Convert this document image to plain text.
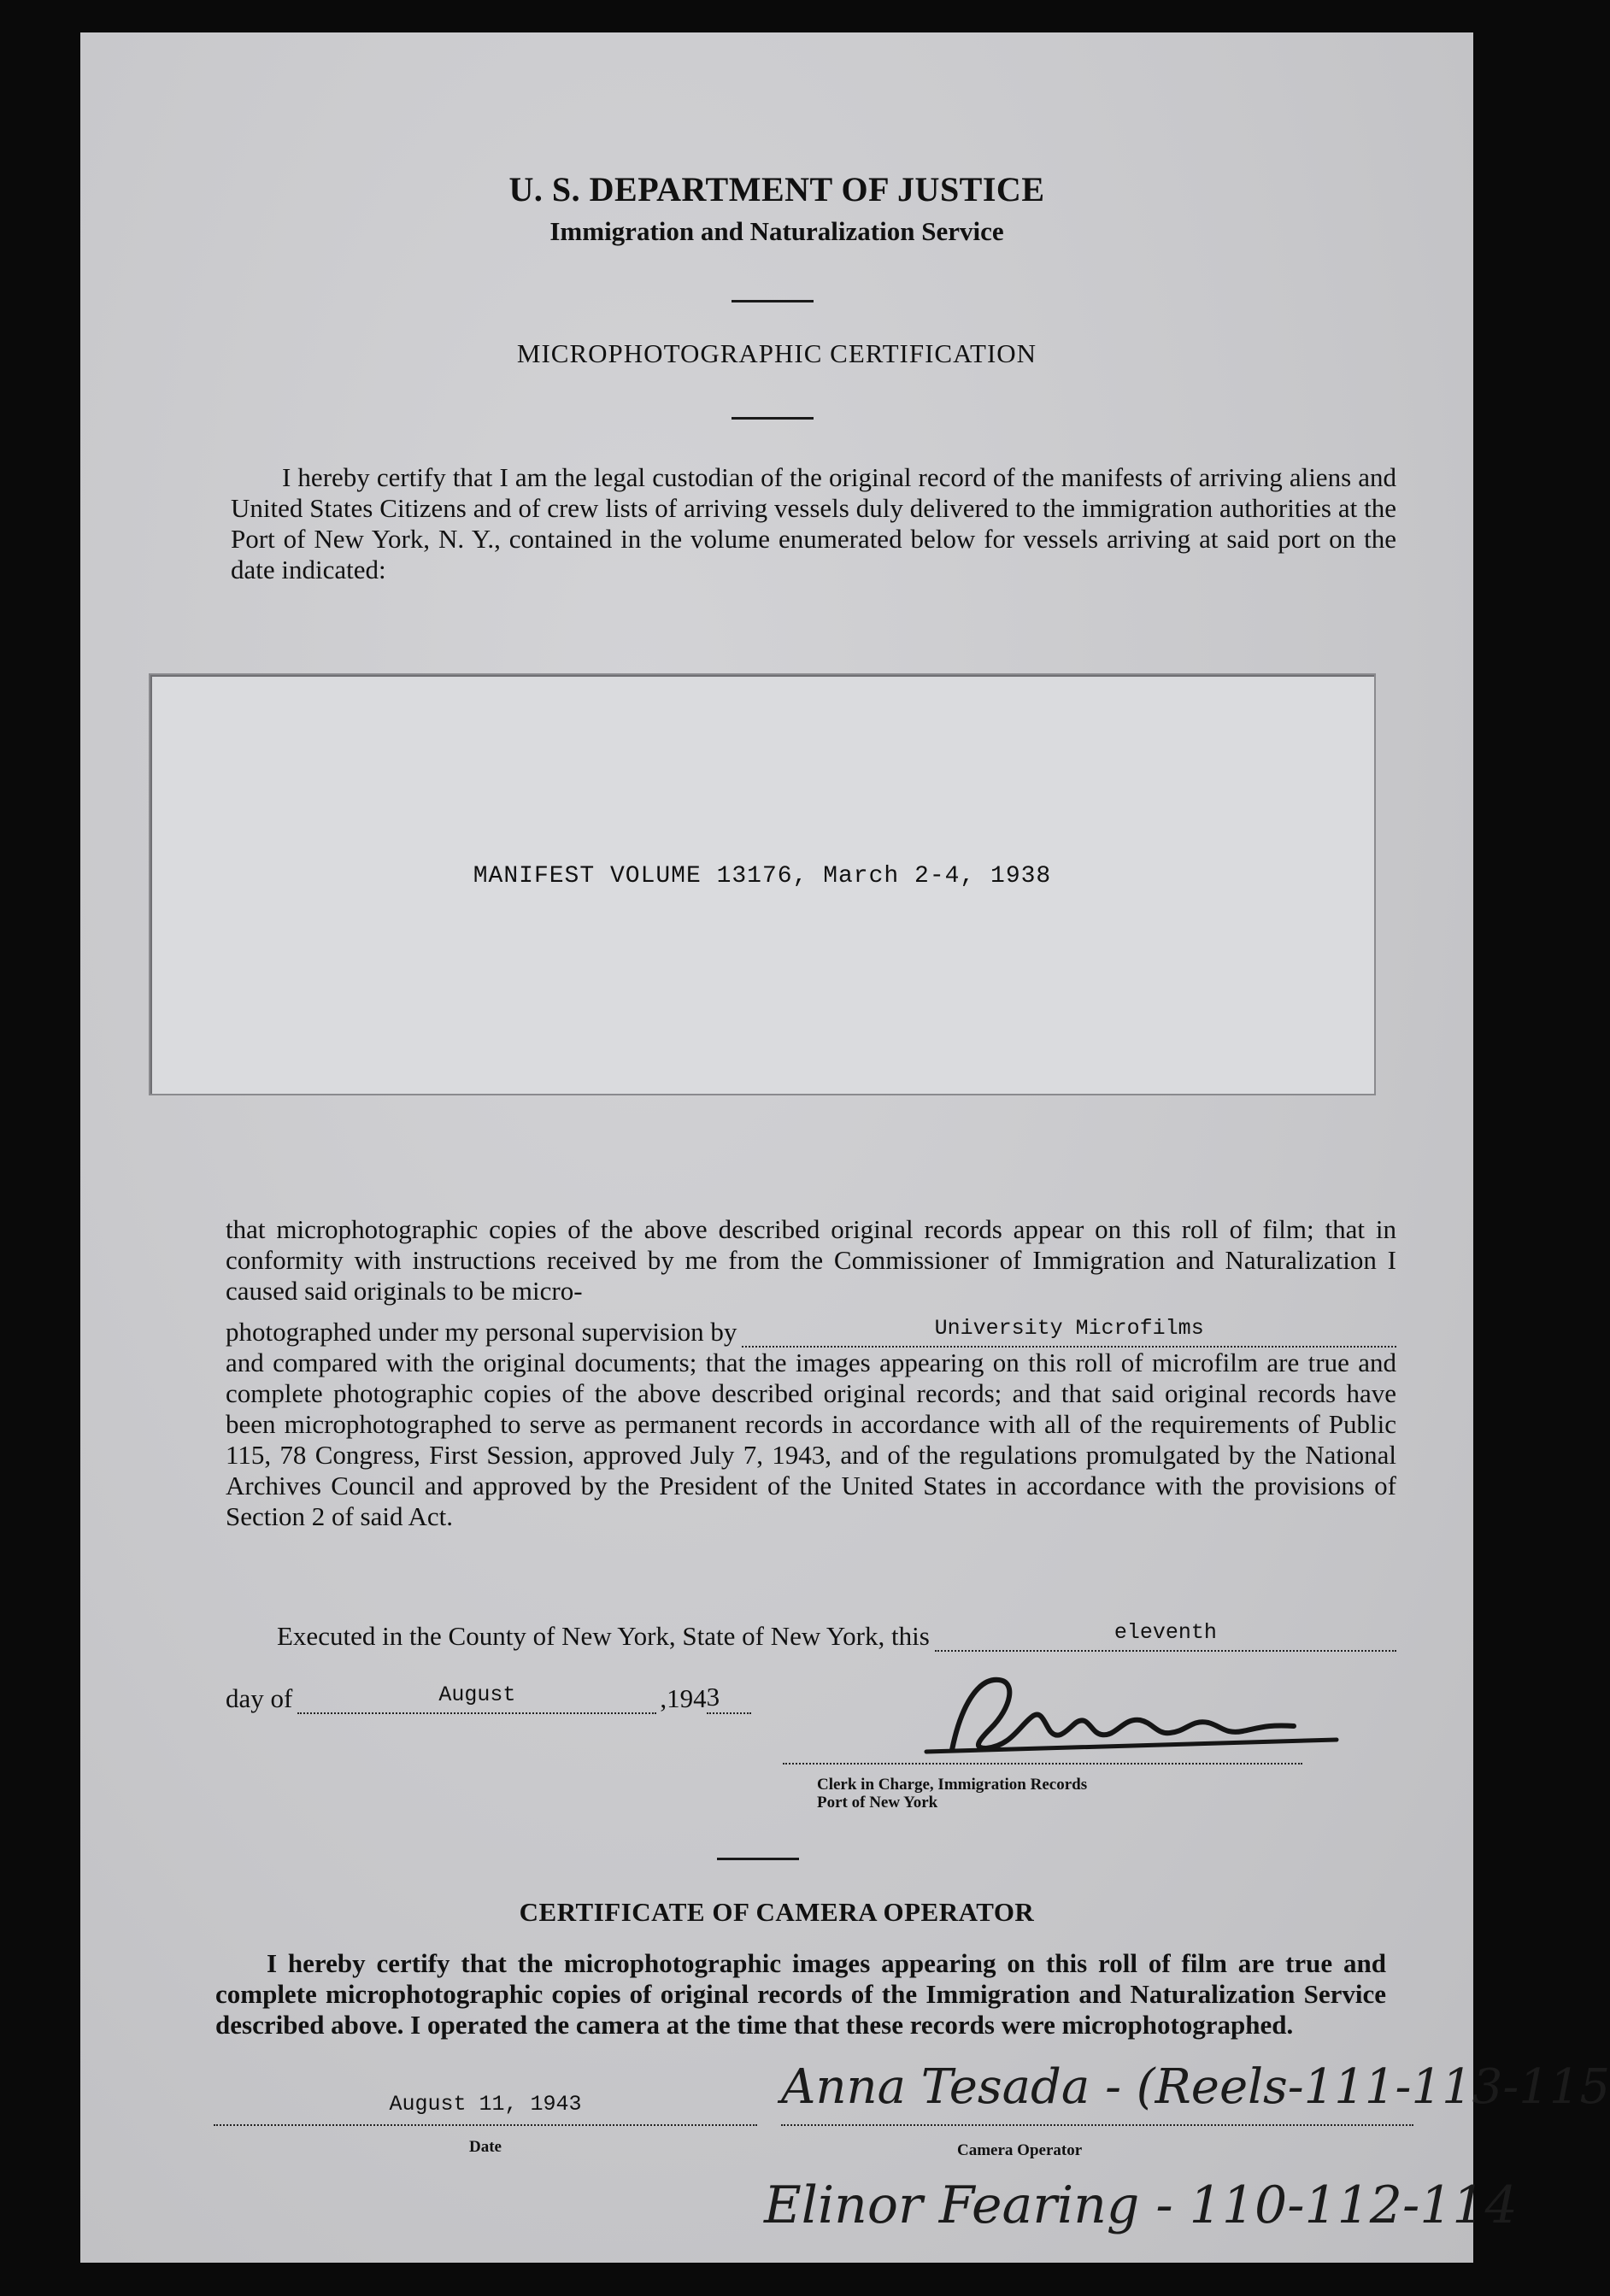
U. S. DEPARTMENT OF JUSTICE
Immigration and Naturalization Service
MICROPHOTOGRAPHIC CERTIFICATION

I hereby certify that I am the legal custodian of the original record of the manifests of arriving aliens and United States Citizens and of crew lists of arriving vessels duly delivered to the immigration authorities at the Port of New York, N. Y., contained in the volume enumerated below for vessels arriving at said port on the date indicated:

MANIFEST VOLUME 13176, March 2-4, 1938

that microphotographic copies of the above described original records appear on this roll of film; that in conformity with instructions received by me from the Commissioner of Immigration and Naturalization I caused said originals to be micro-

photographed under my personal supervision by	University Microfilms

and compared with the original documents; that the images appearing on this roll of microfilm are true and complete photographic copies of the above described original records; and that said original records have been microphotographed to serve as permanent records in accordance with all of the requirements of Public 115, 78 Congress, First Session, approved July 7, 1943, and of the regulations promulgated by the National Archives Council and approved by the President of the United States in accordance with the provisions of Section 2 of said Act.

Executed in the County of New York, State of New York, this	eleventh
day of	August	, 194 3
Clerk in Charge, Immigration Records
Port of New York
CERTIFICATE OF CAMERA OPERATOR

I hereby certify that the microphotographic images appearing on this roll of film are true and complete microphotographic copies of original records of the Immigration and Naturalization Service described above. I operated the camera at the time that these records were microphotographed.

August 11, 1943
Date
Anna Tesada - (Reels-111-113-115
Camera Operator
Elinor Fearing - 110-112-114
